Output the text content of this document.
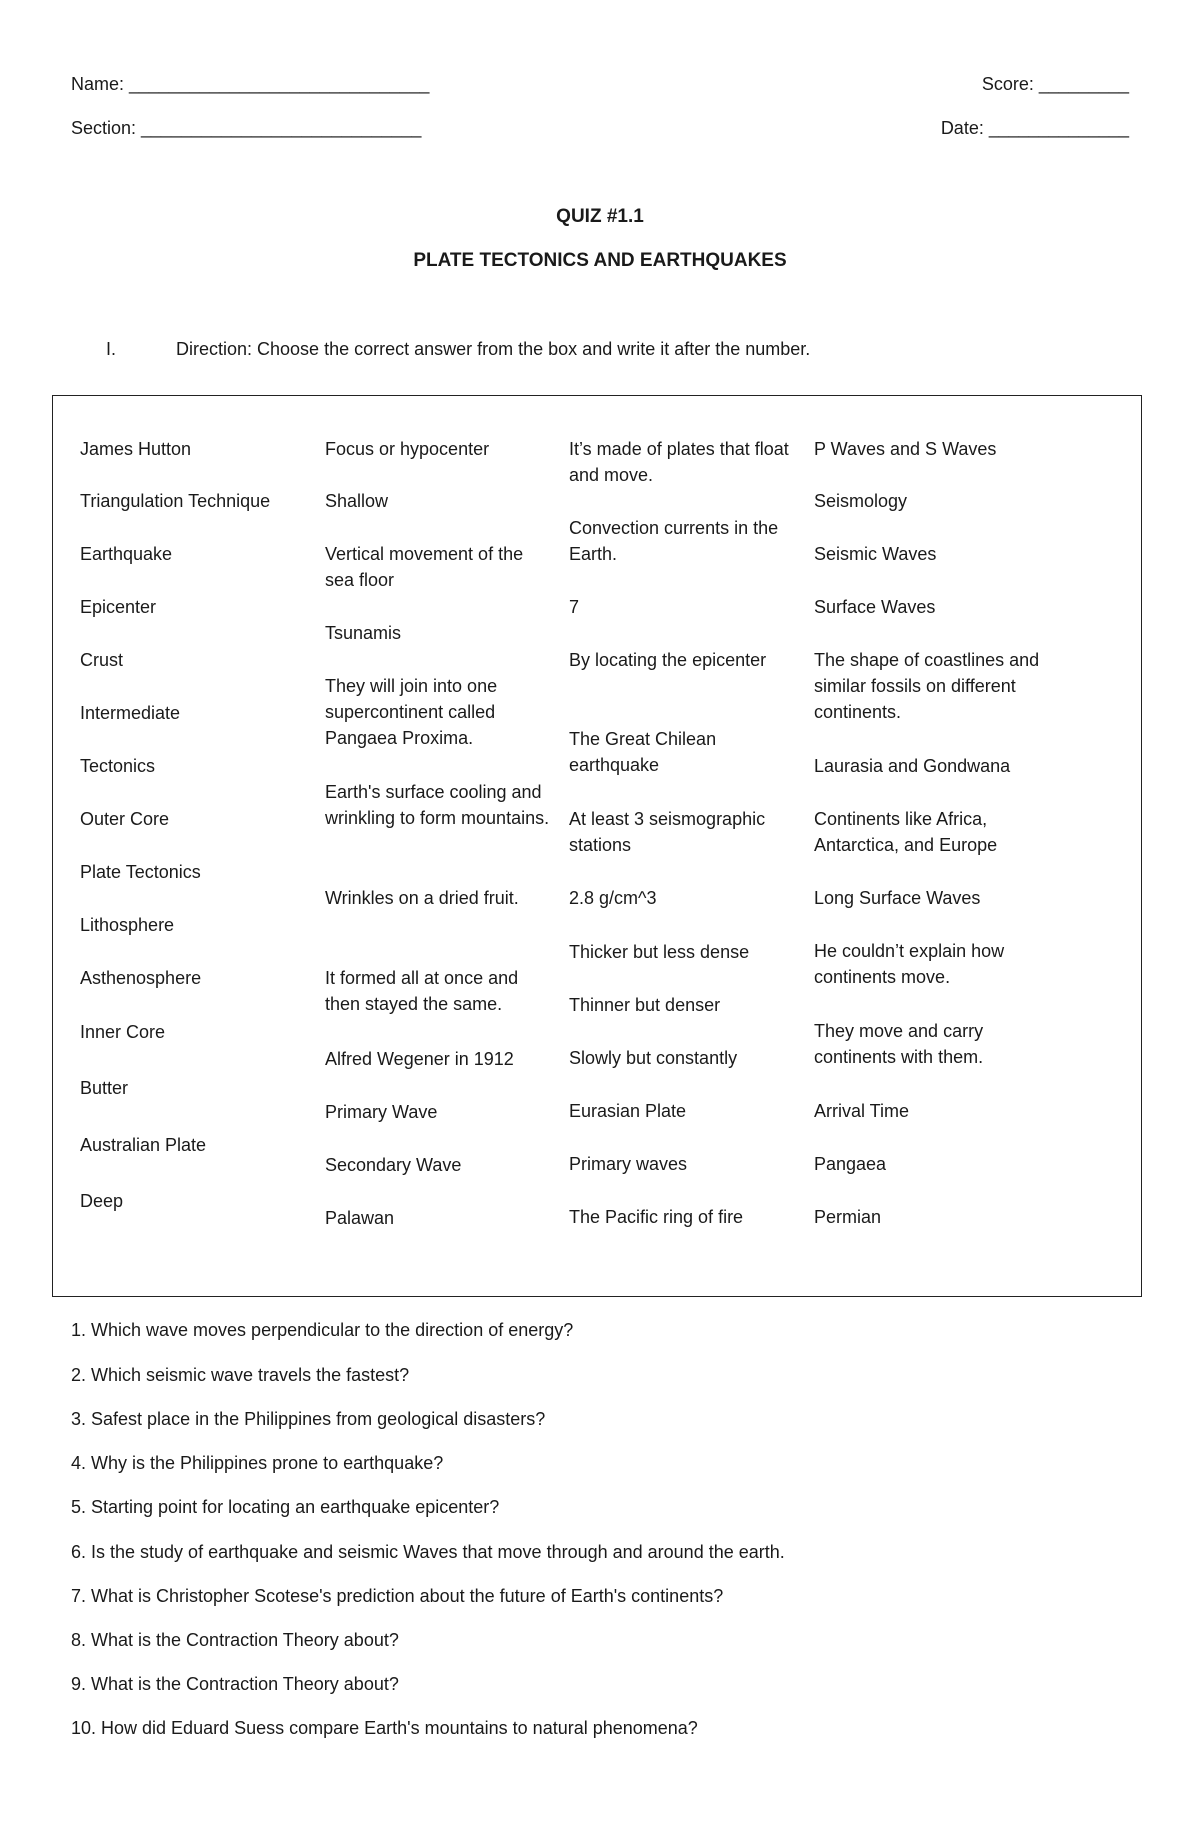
Name: ______________________________	Score: _________
Section: ____________________________	Date: ______________
QUIZ #1.1
PLATE TECTONICS AND EARTHQUAKES
I.	Direction: Choose the correct answer from the box and write it after the number.
James Hutton
Triangulation Technique
Earthquake
Epicenter
Crust
Intermediate
Tectonics
Outer Core
Plate Tectonics
Lithosphere
Asthenosphere
Inner Core
Butter
Australian Plate
Deep
Focus or hypocenter
Shallow
Vertical movement of the sea floor
Tsunamis
They will join into one supercontinent called Pangaea Proxima.
Earth's surface cooling and wrinkling to form mountains.
Wrinkles on a dried fruit.
It formed all at once and then stayed the same.
Alfred Wegener in 1912
Primary Wave
Secondary Wave
Palawan
It’s made of plates that float and move.
Convection currents in the Earth.
7
By locating the epicenter
The Great Chilean earthquake
At least 3 seismographic stations
2.8 g/cm^3
Thicker but less dense
Thinner but denser
Slowly but constantly
Eurasian Plate
Primary waves
The Pacific ring of fire
P Waves and S Waves
Seismology
Seismic Waves
Surface Waves
The shape of coastlines and similar fossils on different continents.
Laurasia and Gondwana
Continents like Africa, Antarctica, and Europe
Long Surface Waves
He couldn’t explain how continents move.
They move and carry continents with them.
Arrival Time
Pangaea
Permian
1. Which wave moves perpendicular to the direction of energy?
2. Which seismic wave travels the fastest?
3. Safest place in the Philippines from geological disasters?
4. Why is the Philippines prone to earthquake?
5. Starting point for locating an earthquake epicenter?
6. Is the study of earthquake and seismic Waves that move through and around the earth.
7. What is Christopher Scotese's prediction about the future of Earth's continents?
8. What is the Contraction Theory about?
9. What is the Contraction Theory about?
10. How did Eduard Suess compare Earth's mountains to natural phenomena?
